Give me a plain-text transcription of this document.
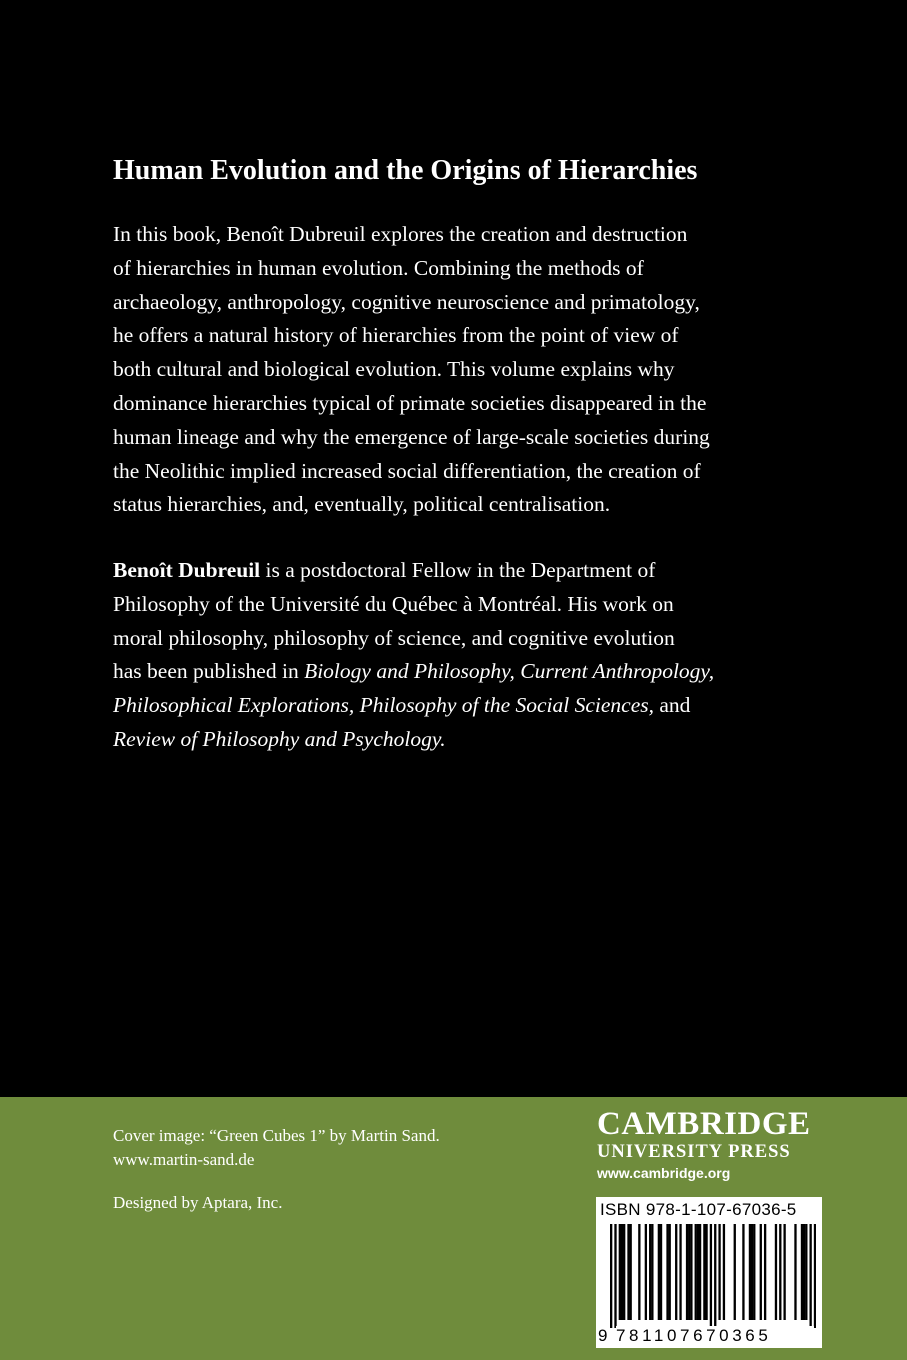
Human Evolution and the Origins of Hierarchies
In this book, Benoît Dubreuil explores the creation and destruction
of hierarchies in human evolution. Combining the methods of
archaeology, anthropology, cognitive neuroscience and primatology,
he offers a natural history of hierarchies from the point of view of
both cultural and biological evolution. This volume explains why
dominance hierarchies typical of primate societies disappeared in the
human lineage and why the emergence of large-scale societies during
the Neolithic implied increased social differentiation, the creation of
status hierarchies, and, eventually, political centralisation.
Benoît Dubreuil is a postdoctoral Fellow in the Department of
Philosophy of the Université du Québec à Montréal. His work on
moral philosophy, philosophy of science, and cognitive evolution
has been published in Biology and Philosophy, Current Anthropology,
Philosophical Explorations, Philosophy of the Social Sciences, and
Review of Philosophy and Psychology.
Cover image: “Green Cubes 1” by Martin Sand.
www.martin-sand.de
Designed by Aptara, Inc.
CAMBRIDGE
UNIVERSITY PRESS
www.cambridge.org
ISBN 978-1-107-67036-5
9 781107670365
